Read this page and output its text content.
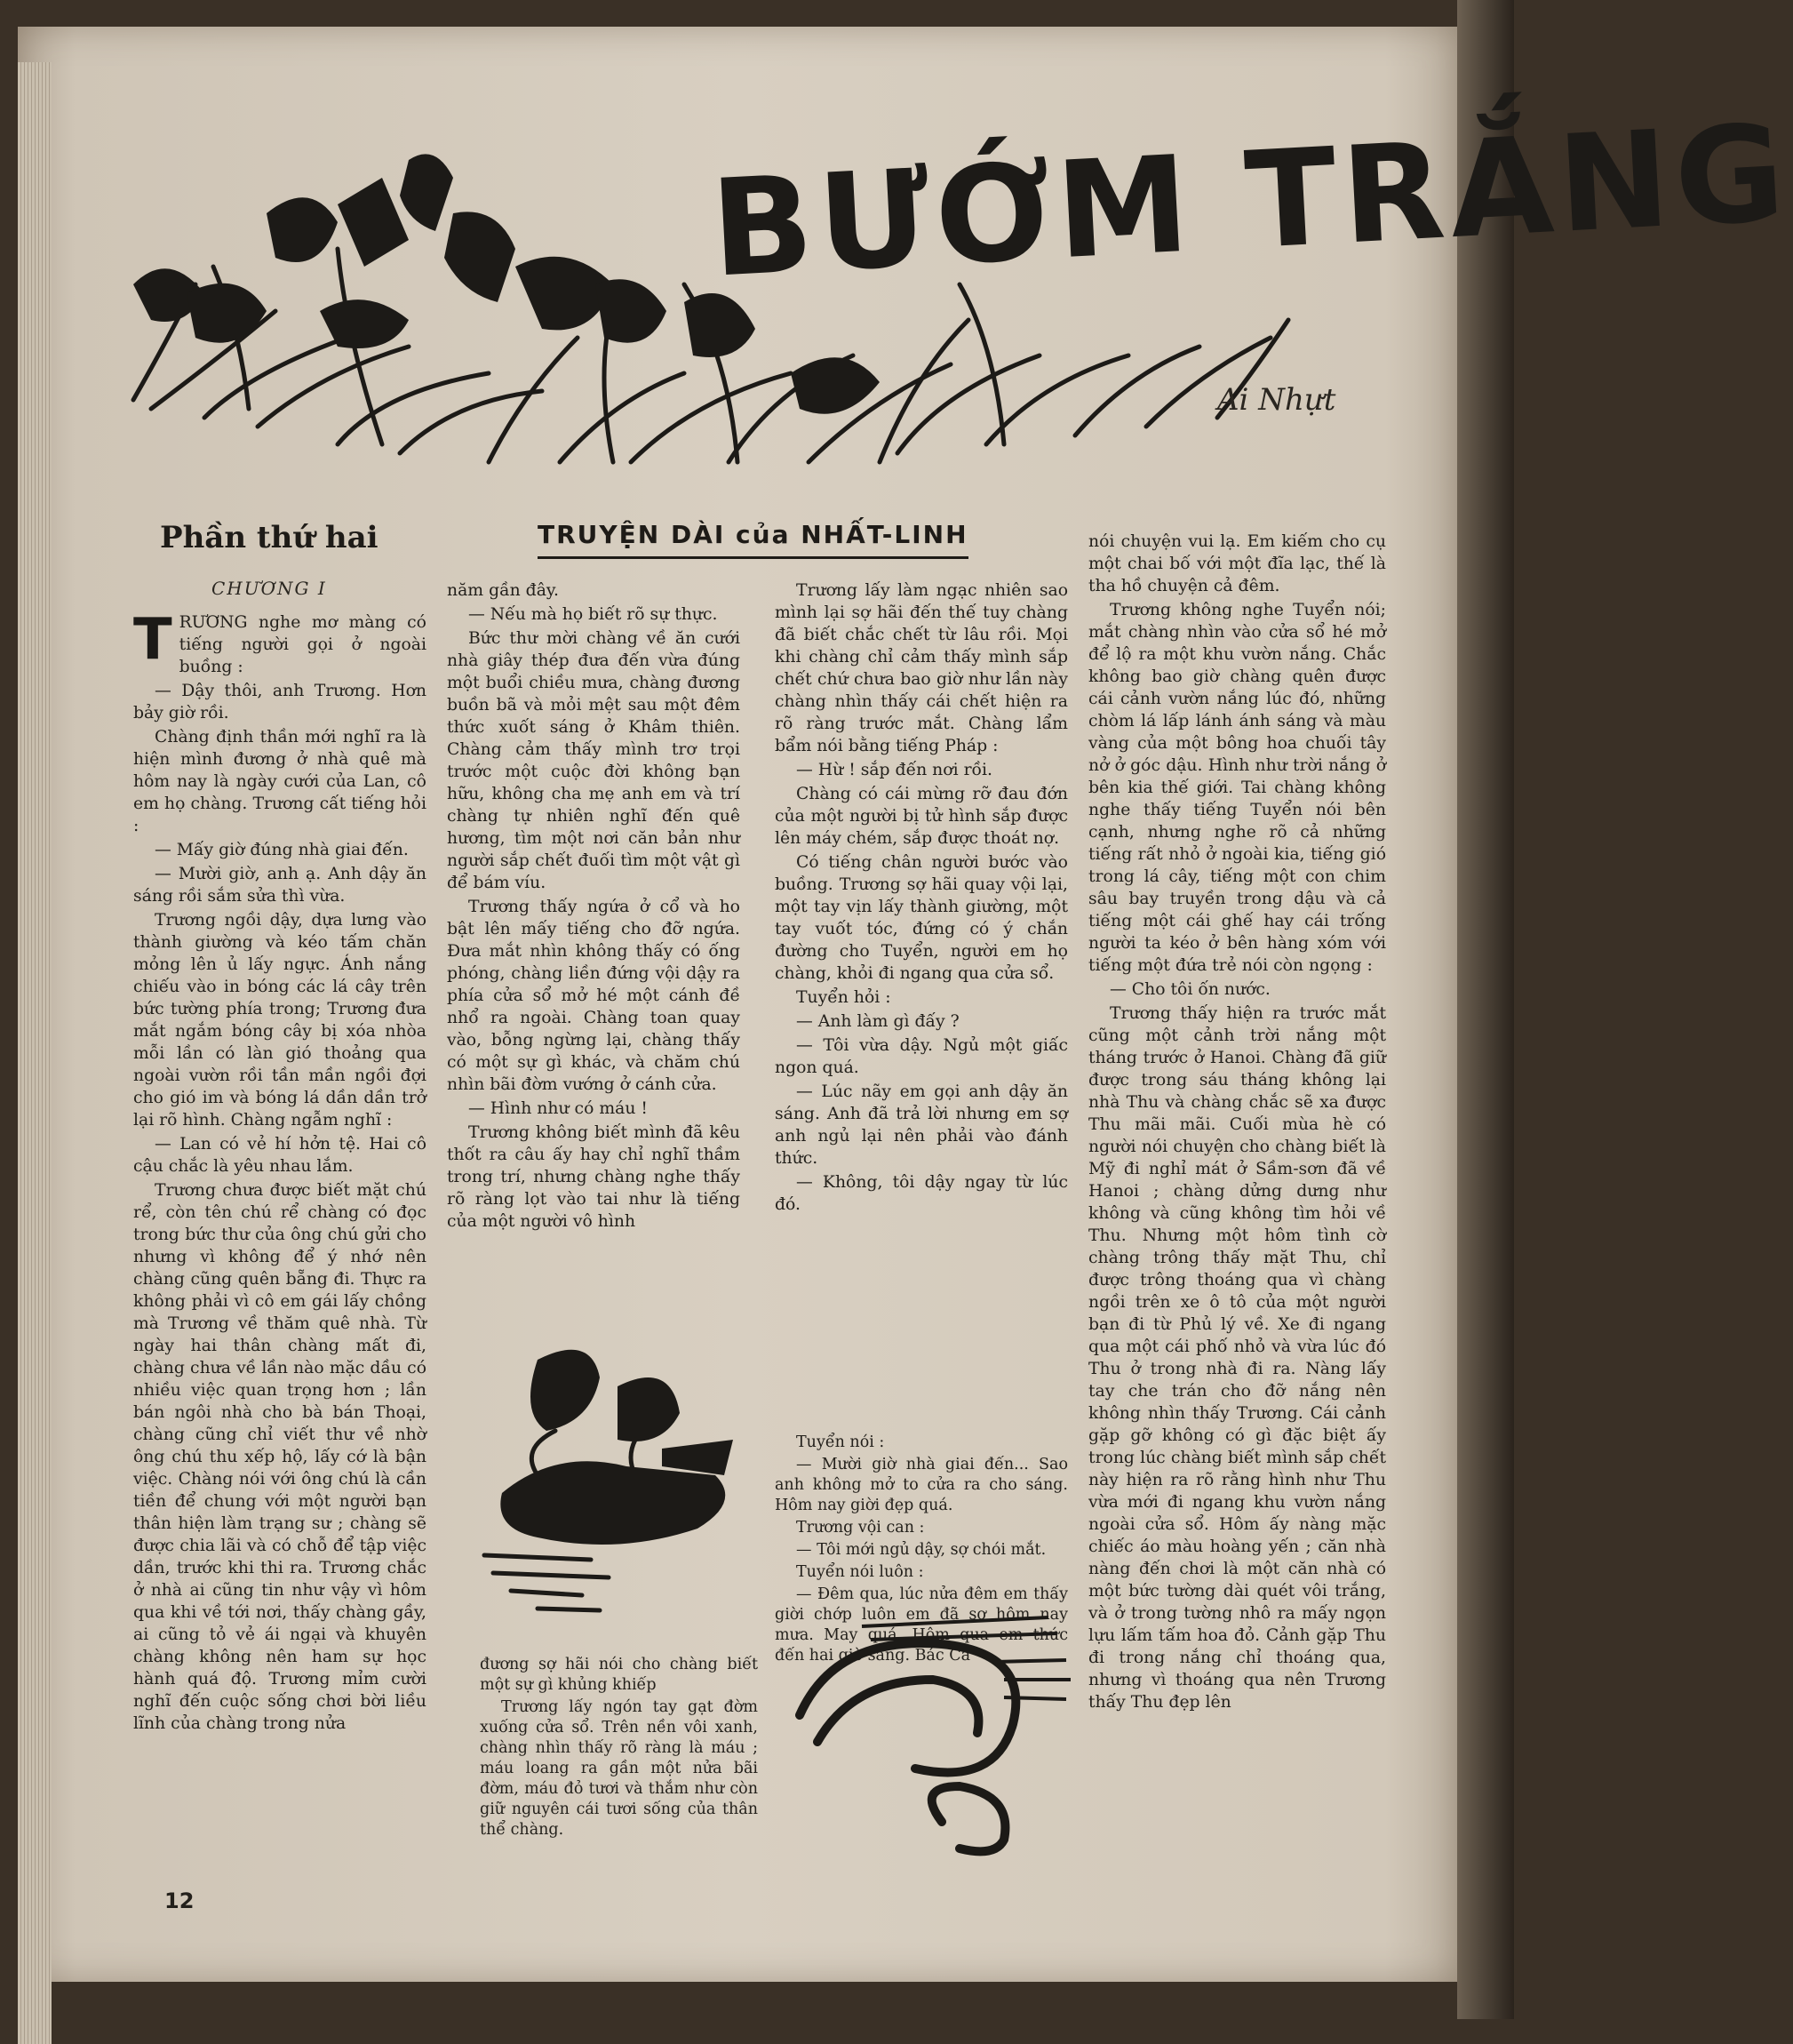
BƯỚM TRẮNG
Ai Nhựt
Phần thứ hai
CHƯƠNG I
TRUYỆN DÀI của NHẤT-LINH
T RƯƠNG nghe mơ màng có tiếng người gọi ở ngoài buồng :

— Dậy thôi, anh Trương. Hơn bảy giờ rồi.

Chàng định thần mới nghĩ ra là hiện mình đương ở nhà quê mà hôm nay là ngày cưới của Lan, cô em họ chàng. Trương cất tiếng hỏi :

— Mấy giờ đúng nhà giai đến.

— Mười giờ, anh ạ. Anh dậy ăn sáng rồi sắm sửa thì vừa.

Trương ngồi dậy, dựa lưng vào thành giường và kéo tấm chăn mỏng lên ủ lấy ngực. Ánh nắng chiếu vào in bóng các lá cây trên bức tường phía trong; Trương đưa mắt ngắm bóng cây bị xóa nhòa mỗi lần có làn gió thoảng qua ngoài vườn rồi tần mần ngồi đợi cho gió im và bóng lá dần dần trở lại rõ hình. Chàng ngẫm nghĩ :

— Lan có vẻ hí hởn tệ. Hai cô cậu chắc là yêu nhau lắm.

Trương chưa được biết mặt chú rể, còn tên chú rể chàng có đọc trong bức thư của ông chú gửi cho nhưng vì không để ý nhớ nên chàng cũng quên bẵng đi. Thực ra không phải vì cô em gái lấy chồng mà Trương về thăm quê nhà. Từ ngày hai thân chàng mất đi, chàng chưa về lần nào mặc dầu có nhiều việc quan trọng hơn ; lần bán ngôi nhà cho bà bán Thoại, chàng cũng chỉ viết thư về nhờ ông chú thu xếp hộ, lấy cớ là bận việc. Chàng nói với ông chú là cần tiền để chung với một người bạn thân hiện làm trạng sư ; chàng sẽ được chia lãi và có chỗ để tập việc dần, trước khi thi ra. Trương chắc ở nhà ai cũng tin như vậy vì hôm qua khi về tới nơi, thấy chàng gầy, ai cũng tỏ vẻ ái ngại và khuyên chàng không nên ham sự học hành quá độ. Trương mỉm cười nghĩ đến cuộc sống chơi bời liều lĩnh của chàng trong nửa

năm gần đây.

— Nếu mà họ biết rõ sự thực.

Bức thư mời chàng về ăn cưới nhà giây thép đưa đến vừa đúng một buổi chiều mưa, chàng đương buồn bã và mỏi mệt sau một đêm thức xuốt sáng ở Khâm thiên. Chàng cảm thấy mình trơ trọi trước một cuộc đời không bạn hữu, không cha mẹ anh em và trí chàng tự nhiên nghĩ đến quê hương, tìm một nơi căn bản như người sắp chết đuối tìm một vật gì để bám víu.

Trương thấy ngứa ở cổ và ho bật lên mấy tiếng cho đỡ ngứa. Đưa mắt nhìn không thấy có ống phóng, chàng liền đứng vội dậy ra phía cửa sổ mở hé một cánh đề nhổ ra ngoài. Chàng toan quay vào, bỗng ngừng lại, chàng thấy có một sự gì khác, và chăm chú nhìn bãi đờm vướng ở cánh cửa.

— Hình như có máu !

Trương không biết mình đã kêu thốt ra câu ấy hay chỉ nghĩ thầm trong trí, nhưng chàng nghe thấy rõ ràng lọt vào tai như là tiếng của một người vô hình

đương sợ hãi nói cho chàng biết một sự gì khủng khiếp

Trương lấy ngón tay gạt đờm xuống cửa sổ. Trên nền vôi xanh, chàng nhìn thấy rõ ràng là máu ; máu loang ra gần một nửa bãi đờm, máu đỏ tươi và thắm như còn giữ nguyên cái tươi sống của thân thể chàng.

Trương lấy làm ngạc nhiên sao mình lại sợ hãi đến thế tuy chàng đã biết chắc chết từ lâu rồi. Mọi khi chàng chỉ cảm thấy mình sắp chết chứ chưa bao giờ như lần này chàng nhìn thấy cái chết hiện ra rõ ràng trước mắt. Chàng lẩm bẩm nói bằng tiếng Pháp :

— Hừ ! sắp đến nơi rồi.

Chàng có cái mừng rỡ đau đớn của một người bị tử hình sắp được lên máy chém, sắp được thoát nợ.

Có tiếng chân người bước vào buồng. Trương sợ hãi quay vội lại, một tay vịn lấy thành giường, một tay vuốt tóc, đứng có ý chắn đường cho Tuyển, người em họ chàng, khỏi đi ngang qua cửa sổ.

Tuyển hỏi :

— Anh làm gì đấy ?

— Tôi vừa dậy. Ngủ một giấc ngon quá.

— Lúc nãy em gọi anh dậy ăn sáng. Anh đã trả lời nhưng em sợ anh ngủ lại nên phải vào đánh thức.

— Không, tôi dậy ngay từ lúc đó.

Tuyển nói :

— Mười giờ nhà giai đến... Sao anh không mở to cửa ra cho sáng. Hôm nay giời đẹp quá.

Trương vội can :

— Tôi mới ngủ dậy, sợ chói mắt.

Tuyển nói luôn :

— Đêm qua, lúc nửa đêm em thấy giời chớp luôn em đã sợ hôm nay mưa. May quá. Hôm qua em thức đến hai giờ sáng. Bác Cả

nói chuyện vui lạ. Em kiếm cho cụ một chai bố với một đĩa lạc, thế là tha hồ chuyện cả đêm.

Trương không nghe Tuyển nói; mắt chàng nhìn vào cửa sổ hé mở để lộ ra một khu vườn nắng. Chắc không bao giờ chàng quên được cái cảnh vườn nắng lúc đó, những chòm lá lấp lánh ánh sáng và màu vàng của một bông hoa chuối tây nở ở góc dậu. Hình như trời nắng ở bên kia thế giới. Tai chàng không nghe thấy tiếng Tuyển nói bên cạnh, nhưng nghe rõ cả những tiếng rất nhỏ ở ngoài kia, tiếng gió trong lá cây, tiếng một con chim sâu bay truyền trong dậu và cả tiếng một cái ghế hay cái trống người ta kéo ở bên hàng xóm với tiếng một đứa trẻ nói còn ngọng :

— Cho tôi ốn nước.

Trương thấy hiện ra trước mắt cũng một cảnh trời nắng một tháng trước ở Hanoi. Chàng đã giữ được trong sáu tháng không lại nhà Thu và chàng chắc sẽ xa được Thu mãi mãi. Cuối mùa hè có người nói chuyện cho chàng biết là Mỹ đi nghỉ mát ở Sầm-sơn đã về Hanoi ; chàng dửng dưng như không và cũng không tìm hỏi về Thu. Nhưng một hôm tình cờ chàng trông thấy mặt Thu, chỉ được trông thoáng qua vì chàng ngồi trên xe ô tô của một người bạn đi từ Phủ lý về. Xe đi ngang qua một cái phố nhỏ và vừa lúc đó Thu ở trong nhà đi ra. Nàng lấy tay che trán cho đỡ nắng nên không nhìn thấy Trương. Cái cảnh gặp gỡ không có gì đặc biệt ấy trong lúc chàng biết mình sắp chết này hiện ra rõ rằng hình như Thu vừa mới đi ngang khu vườn nắng ngoài cửa sổ. Hôm ấy nàng mặc chiếc áo màu hoàng yến ; căn nhà nàng đến chơi là một căn nhà có một bức tường dài quét vôi trắng, và ở trong tường nhô ra mấy ngọn lựu lấm tấm hoa đỏ. Cảnh gặp Thu đi trong nắng chỉ thoáng qua, nhưng vì thoáng qua nên Trương thấy Thu đẹp lên

12
